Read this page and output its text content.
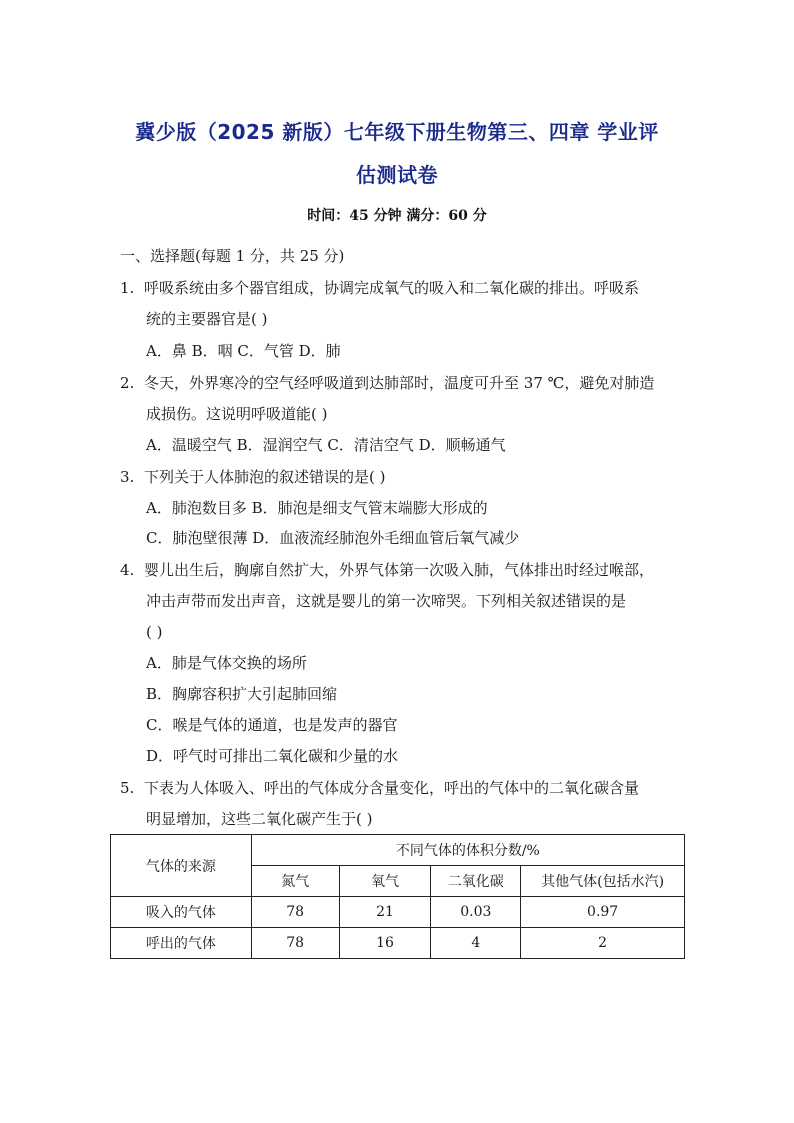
冀少版（2025 新版）七年级下册生物第三、四章 学业评
估测试卷
时间：45 分钟 满分：60 分
一、选择题(每题 1 分，共 25 分)
1. 呼吸系统由多个器官组成，协调完成氧气的吸入和二氧化碳的排出。呼吸系
统的主要器官是( )
A．鼻 B．咽 C．气管 D．肺
2. 冬天，外界寒冷的空气经呼吸道到达肺部时，温度可升至 37 ℃，避免对肺造
成损伤。这说明呼吸道能( )
A．温暖空气 B．湿润空气 C．清洁空气 D．顺畅通气
3. 下列关于人体肺泡的叙述错误的是( )
A．肺泡数目多 B．肺泡是细支气管末端膨大形成的
C．肺泡壁很薄 D．血液流经肺泡外毛细血管后氧气减少
4. 婴儿出生后，胸廓自然扩大，外界气体第一次吸入肺，气体排出时经过喉部，
冲击声带而发出声音，这就是婴儿的第一次啼哭。下列相关叙述错误的是
( )
A．肺是气体交换的场所
B．胸廓容积扩大引起肺回缩
C．喉是气体的通道，也是发声的器官
D．呼气时可排出二氧化碳和少量的水
5. 下表为人体吸入、呼出的气体成分含量变化，呼出的气体中的二氧化碳含量
明显增加，这些二氧化碳产生于( )
气体的来源	不同气体的体积分数/%			
	氮气	氧气	二氧化碳	其他气体(包括水汽)
吸入的气体	78	21	0.03	0.97
呼出的气体	78	16	4	2
